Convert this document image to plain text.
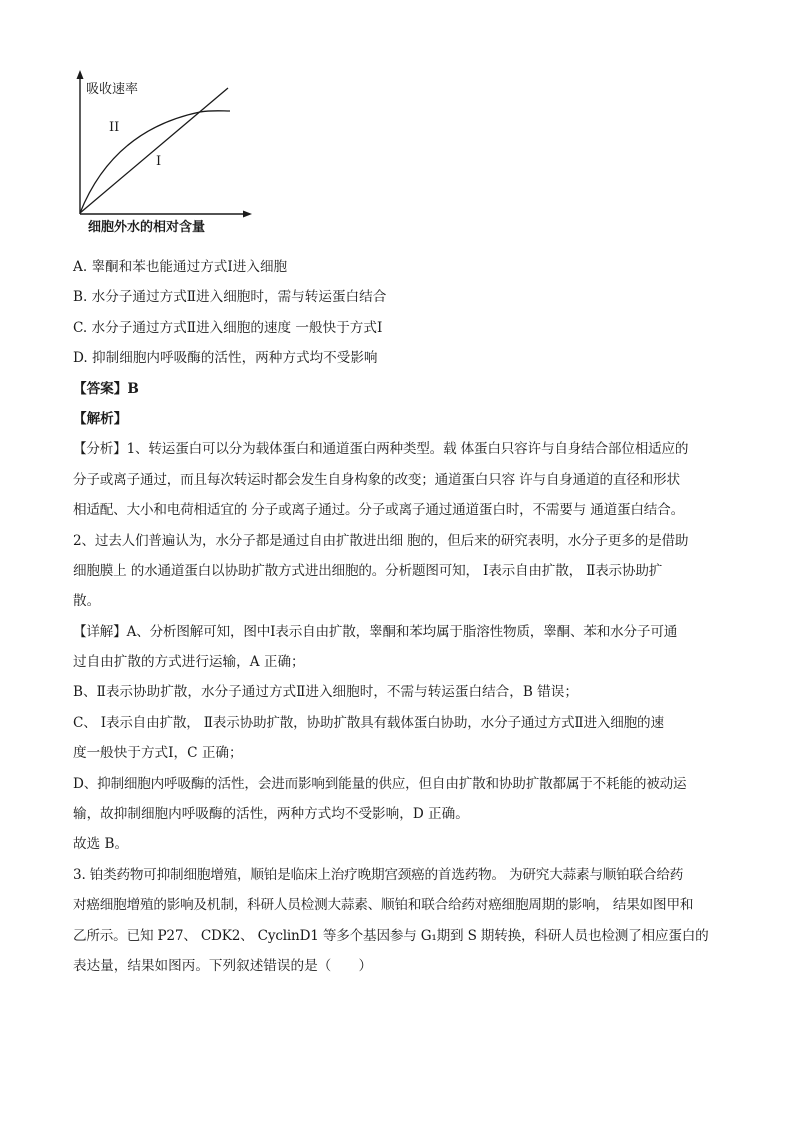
吸收速率
II
I
细胞外水的相对含量
A. 睾酮和苯也能通过方式Ⅰ进入细胞
B. 水分子通过方式Ⅱ进入细胞时，需与转运蛋白结合
C. 水分子通过方式Ⅱ进入细胞的速度 一般快于方式Ⅰ
D. 抑制细胞内呼吸酶的活性，两种方式均不受影响
【答案】B
【解析】
【分析】1、转运蛋白可以分为载体蛋白和通道蛋白两种类型。载 体蛋白只容许与自身结合部位相适应的
分子或离子通过，而且每次转运时都会发生自身构象的改变；通道蛋白只容 许与自身通道的直径和形状
相适配、大小和电荷相适宜的 分子或离子通过。分子或离子通过通道蛋白时，不需要与 通道蛋白结合。
2、过去人们普遍认为，水分子都是通过自由扩散进出细 胞的，但后来的研究表明，水分子更多的是借助
细胞膜上 的水通道蛋白以协助扩散方式进出细胞的。分析题图可知， Ⅰ表示自由扩散， Ⅱ表示协助扩
散。
【详解】A、分析图解可知，图中Ⅰ表示自由扩散，睾酮和苯均属于脂溶性物质，睾酮、苯和水分子可通
过自由扩散的方式进行运输，A 正确；
B、Ⅱ表示协助扩散，水分子通过方式Ⅱ进入细胞时，不需与转运蛋白结合，B 错误；
C、 Ⅰ表示自由扩散， Ⅱ表示协助扩散，协助扩散具有载体蛋白协助，水分子通过方式Ⅱ进入细胞的速
度一般快于方式Ⅰ，C 正确；
D、抑制细胞内呼吸酶的活性，会进而影响到能量的供应，但自由扩散和协助扩散都属于不耗能的被动运
输，故抑制细胞内呼吸酶的活性，两种方式均不受影响，D 正确。
故选 B。
3. 铂类药物可抑制细胞增殖，顺铂是临床上治疗晚期宫颈癌的首选药物。 为研究大蒜素与顺铂联合给药
对癌细胞增殖的影响及机制，科研人员检测大蒜素、顺铂和联合给药对癌细胞周期的影响， 结果如图甲和
乙所示。已知 P27、 CDK2、 CyclinD1 等多个基因参与 G₁期到 S 期转换，科研人员也检测了相应蛋白的
表达量，结果如图丙。下列叙述错误的是（　　）
